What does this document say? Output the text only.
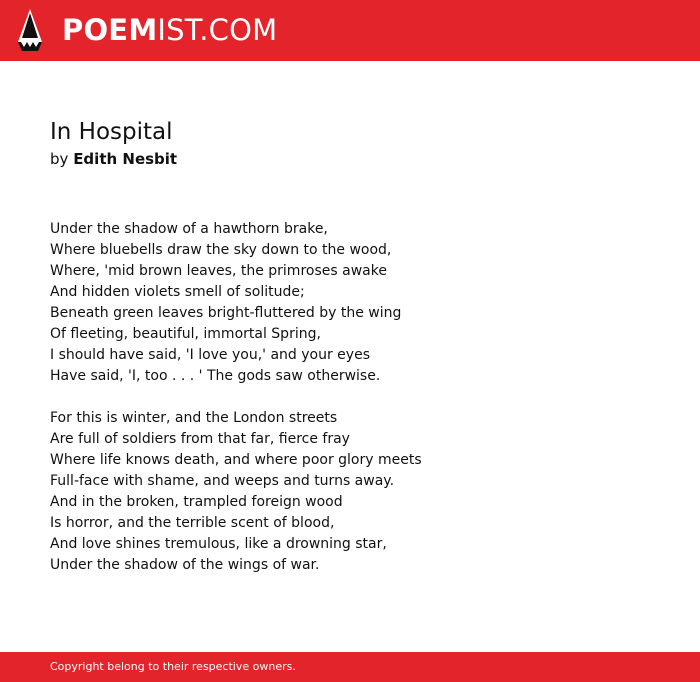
POEMIST.COM
In Hospital
by Edith Nesbit
Under the shadow of a hawthorn brake,
Where bluebells draw the sky down to the wood,
Where, 'mid brown leaves, the primroses awake
And hidden violets smell of solitude;
Beneath green leaves bright-fluttered by the wing
Of fleeting, beautiful, immortal Spring,
I should have said, 'I love you,' and your eyes
Have said, 'I, too . . . ' The gods saw otherwise.
For this is winter, and the London streets
Are full of soldiers from that far, fierce fray
Where life knows death, and where poor glory meets
Full-face with shame, and weeps and turns away.
And in the broken, trampled foreign wood
Is horror, and the terrible scent of blood,
And love shines tremulous, like a drowning star,
Under the shadow of the wings of war.
Copyright belong to their respective owners.
